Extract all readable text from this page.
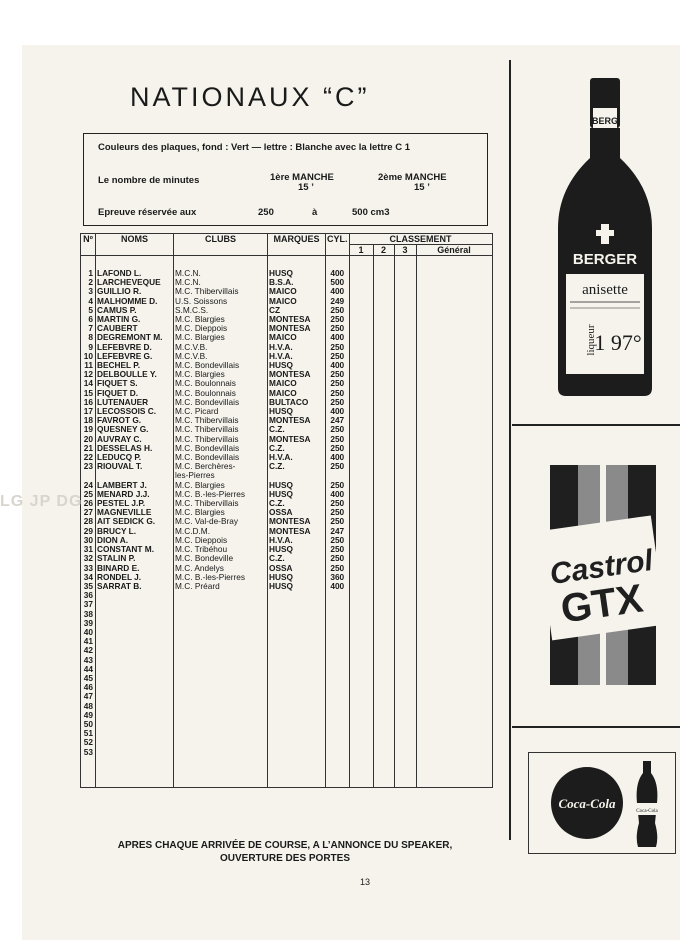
NATIONAUX “C”
Couleurs des plaques, fond : Vert — lettre : Blanche avec la lettre C 1
Le nombre de minutes	1ère MANCHE
15 ’
2ème MANCHE
15 ’
Epreuve réservée aux	250	à	500 cm3
Nº	NOMS	CLUBS	MARQUES	CYL.	CLASSEMENT			
					1	2	3	Général

1	LAFOND L.	M.C.N.	HUSQ	400				
2	LARCHEVEQUE	M.C.N.	B.S.A.	500				
3	GUILLIO R.	M.C. Thibervillais	MAICO	400				
4	MALHOMME D.	U.S. Soissons	MAICO	249				
5	CAMUS P.	S.M.C.S.	CZ	250				
6	MARTIN G.	M.C. Blargies	MONTESA	250				
7	CAUBERT	M.C. Dieppois	MONTESA	250				
8	DEGREMONT M.	M.C. Blargies	MAICO	400				
9	LEFEBVRE D.	M.C.V.B.	H.V.A.	250				
10	LEFEBVRE G.	M.C.V.B.	H.V.A.	250				
11	BECHEL P.	M.C. Bondevillais	HUSQ	400				
12	DELBOULLE Y.	M.C. Blargies	MONTESA	250				
14	FIQUET S.	M.C. Boulonnais	MAICO	250				
15	FIQUET D.	M.C. Boulonnais	MAICO	250				
16	LUTENAUER	M.C. Bondevillais	BULTACO	250				
17	LECOSSOIS C.	M.C. Picard	HUSQ	400				
18	FAVROT G.	M.C. Thibervillais	MONTESA	247				
19	QUESNEY G.	M.C. Thibervillais	C.Z.	250				
20	AUVRAY C.	M.C. Thibervillais	MONTESA	250				
21	DESSELAS H.	M.C. Bondevillais	C.Z.	250				
22	LEDUCQ P.	M.C. Bondevillais	H.V.A.	400				
23	RIOUVAL T.	M.C. Berchères-	C.Z.	250				
		les-Pierres						
24	LAMBERT J.	M.C. Blargies	HUSQ	250				
25	MENARD J.J.	M.C. B.-les-Pierres	HUSQ	400				
26	PESTEL J.P.	M.C. Thibervillais	C.Z.	250				
27	MAGNEVILLE	M.C. Blargies	OSSA	250				
28	AIT SEDICK G.	M.C. Val-de-Bray	MONTESA	250				
29	BRUCY L.	M.C.D.M.	MONTESA	247				
30	DION A.	M.C. Dieppois	H.V.A.	250				
31	CONSTANT M.	M.C. Tribéhou	HUSQ	250				
32	STALIN P.	M.C. Bondeville	C.Z.	250				
33	BINARD E.	M.C. Andelys	OSSA	250				
34	RONDEL J.	M.C. B.-les-Pierres	HUSQ	360				
35	SARRAT B.	M.C. Préard	HUSQ	400				
36								
37								
38								
39								
40								
41								
42								
43								
44								
45								
46								
47								
48								
49								
50								
51								
52								
53								

BERG
BERGER
anisette
liqueur
1 97°
Castrol
GTX
Coca-Cola
Coca-Cola
LG JP DG
APRES CHAQUE ARRIVÉE DE COURSE, A L’ANNONCE DU SPEAKER,
OUVERTURE DES PORTES
13
